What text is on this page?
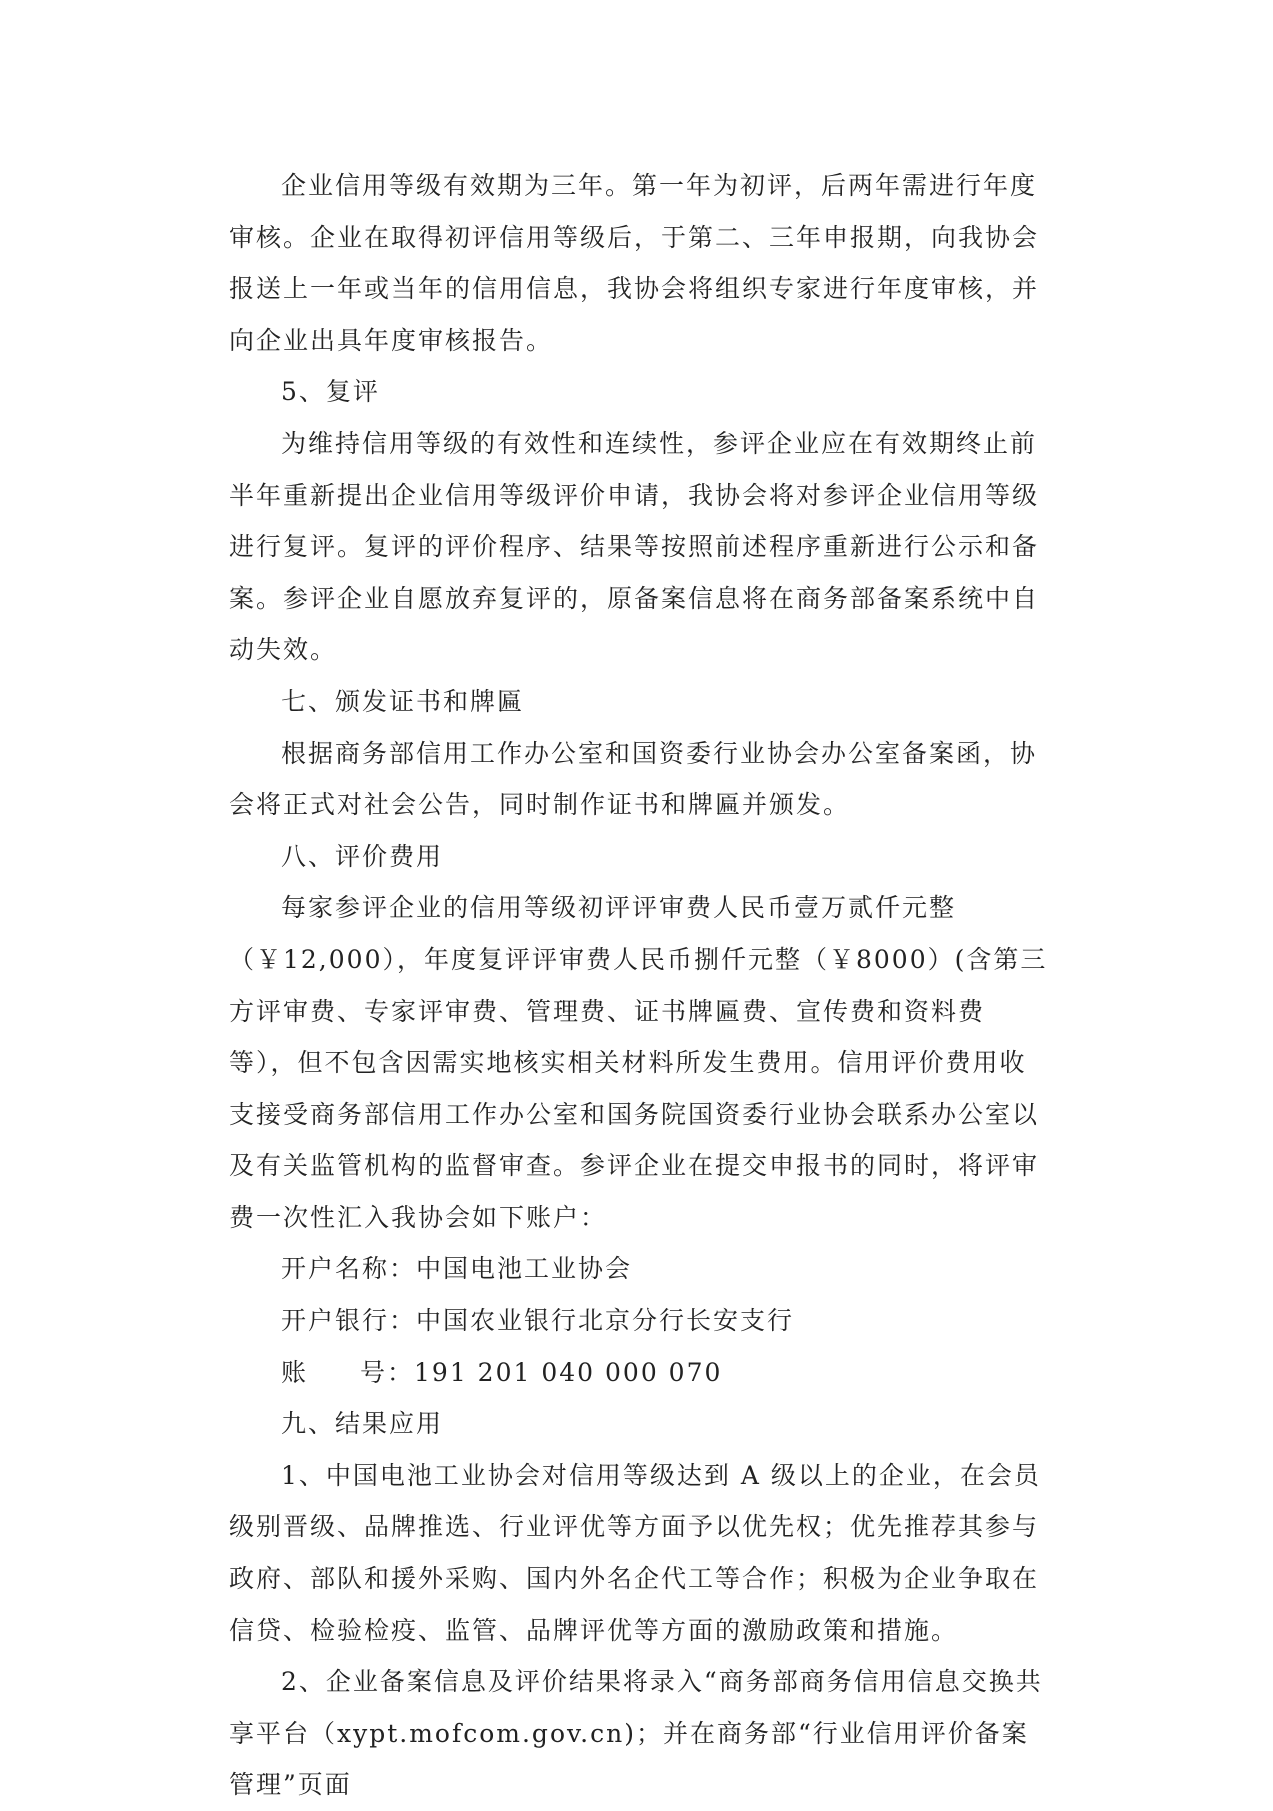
企业信用等级有效期为三年。第一年为初评，后两年需进行年度审核。企业在取得初评信用等级后，于第二、三年申报期，向我协会报送上一年或当年的信用信息，我协会将组织专家进行年度审核，并向企业出具年度审核报告。

5、复评

为维持信用等级的有效性和连续性，参评企业应在有效期终止前半年重新提出企业信用等级评价申请，我协会将对参评企业信用等级进行复评。复评的评价程序、结果等按照前述程序重新进行公示和备案。参评企业自愿放弃复评的，原备案信息将在商务部备案系统中自动失效。

七、颁发证书和牌匾

根据商务部信用工作办公室和国资委行业协会办公室备案函，协会将正式对社会公告，同时制作证书和牌匾并颁发。

八、评价费用

每家参评企业的信用等级初评评审费人民币壹万贰仟元整（￥12,000），年度复评评审费人民币捌仟元整（￥8000）(含第三方评审费、专家评审费、管理费、证书牌匾费、宣传费和资料费等），但不包含因需实地核实相关材料所发生费用。信用评价费用收支接受商务部信用工作办公室和国务院国资委行业协会联系办公室以及有关监管机构的监督审查。参评企业在提交申报书的同时，将评审费一次性汇入我协会如下账户：

开户名称：中国电池工业协会

开户银行：中国农业银行北京分行长安支行

账 号：191 201 040 000 070

九、结果应用

1、中国电池工业协会对信用等级达到 A 级以上的企业，在会员级别晋级、品牌推选、行业评优等方面予以优先权；优先推荐其参与政府、部队和援外采购、国内外名企代工等合作；积极为企业争取在信贷、检验检疫、监管、品牌评优等方面的激励政策和措施。

2、企业备案信息及评价结果将录入“商务部商务信用信息交换共享平台（xypt.mofcom.gov.cn)；并在商务部“行业信用评价备案管理”页面
